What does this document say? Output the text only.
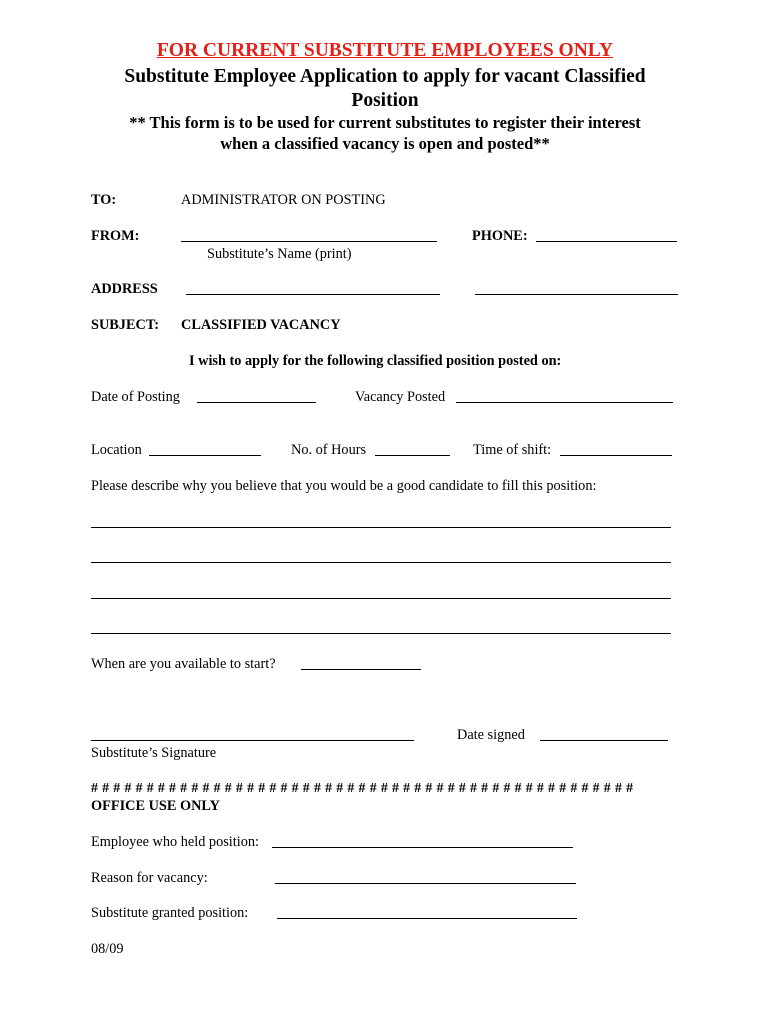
FOR CURRENT SUBSTITUTE EMPLOYEES ONLY
Substitute Employee Application to apply for vacant Classified
Position
** This form is to be used for current substitutes to register their interest
when a classified vacancy is open and posted**
TO:	ADMINISTRATOR ON POSTING
FROM:
Substitute’s Name (print)
PHONE:
ADDRESS
SUBJECT: CLASSIFIED VACANCY
I wish to apply for the following classified position posted on:
Date of Posting	Vacancy Posted
Location	No. of Hours	Time of shift:
Please describe why you believe that you would be a good candidate to fill this position:
When are you available to start?
Substitute’s Signature
Date signed
# # # # # # # # # # # # # # # # # # # # # # # # # # # # # # # # # # # # # # # # # # # # # # # # #
OFFICE USE ONLY
Employee who held position:
Reason for vacancy:
Substitute granted position:
08/09
